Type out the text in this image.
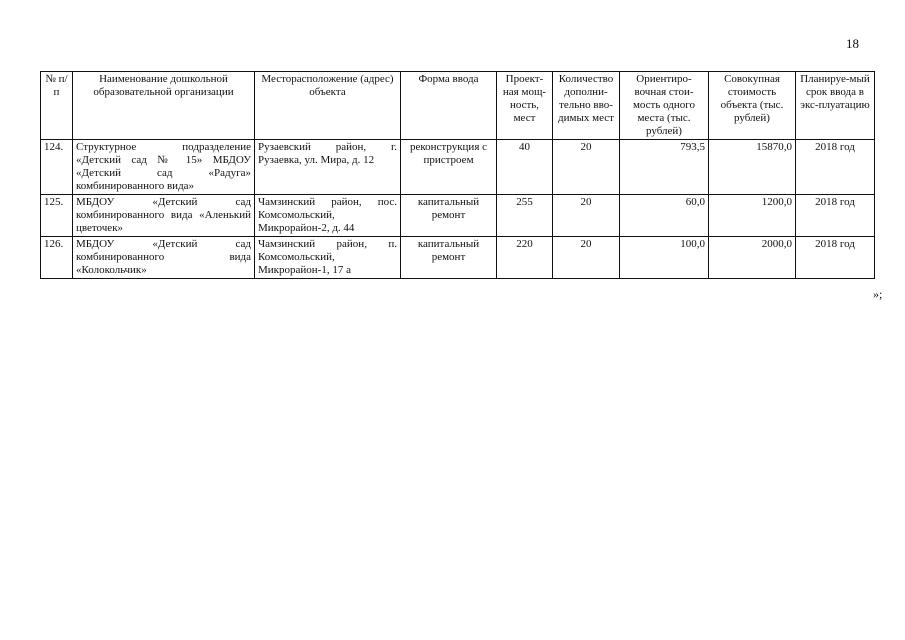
18
№ п/п	Наименование дошкольной образовательной организации	Месторасположение (адрес) объекта	Форма ввода	Проект-ная мощ-ность, мест	Количество дополни-тельно вво-димых мест	Ориентиро-вочная стои-мость одного места (тыс. рублей)	Совокупная стоимость объекта (тыс. рублей)	Планируе-мый срок ввода в экс-плуатацию
124.	Структурное подразделение «Детский сад № 15» МБДОУ «Детский сад «Радуга» комбинированного вида»	Рузаевский район, г. Рузаевка, ул. Мира, д. 12	реконструкция с пристроем	40	20	793,5	15870,0	2018 год
125.	МБДОУ «Детский сад комбинированного вида «Аленький цветочек»	Чамзинский район, пос. Комсомольский, Микрорайон-2, д. 44	капитальный ремонт	255	20	60,0	1200,0	2018 год
126.	МБДОУ «Детский сад комбинированного вида «Колокольчик»	Чамзинский район, п. Комсомольский, Микрорайон-1, 17 а	капитальный ремонт	220	20	100,0	2000,0	2018 год
»;
